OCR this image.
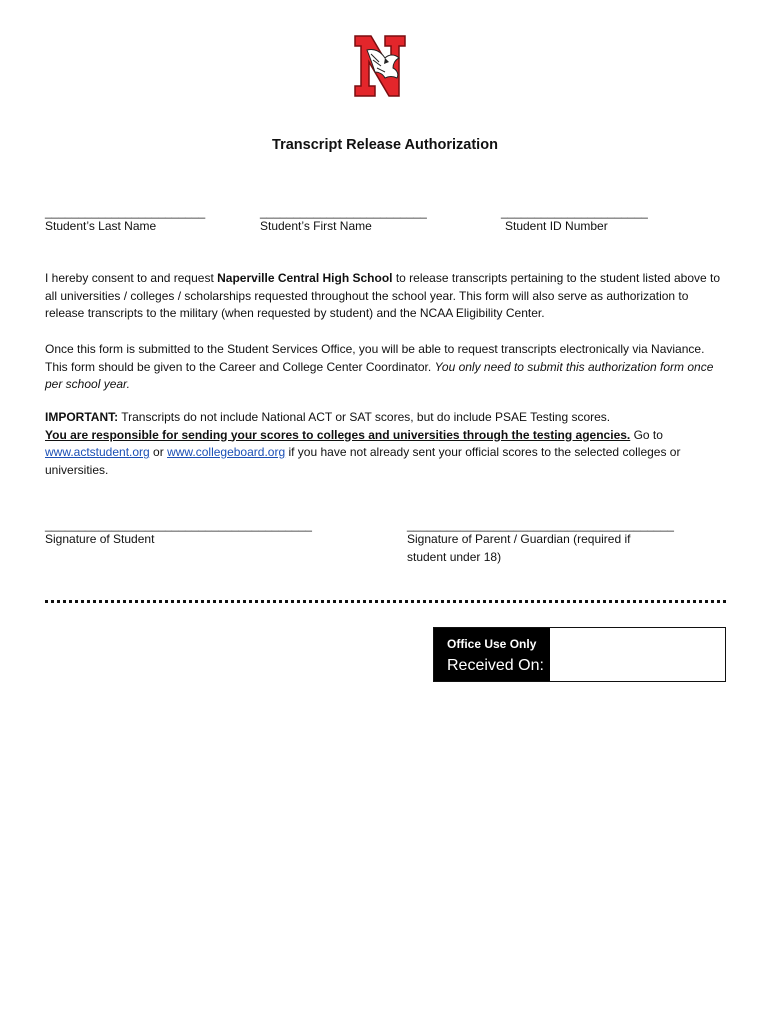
Transcript Release Authorization
________________________	_________________________	______________________
Student’s Last Name	Student’s First Name	Student ID Number

I hereby consent to and request Naperville Central High School to release transcripts pertaining to the student listed above to all universities / colleges / scholarships requested throughout the school year. This form will also serve as authorization to release transcripts to the military (when requested by student) and the NCAA Eligibility Center.

Once this form is submitted to the Student Services Office, you will be able to request transcripts electronically via Naviance. This form should be given to the Career and College Center Coordinator. You only need to submit this authorization form once per school year.

IMPORTANT: Transcripts do not include National ACT or SAT scores, but do include PSAE Testing scores.
You are responsible for sending your scores to colleges and universities through the testing agencies. Go to
www.actstudent.org or www.collegeboard.org if you have not already sent your official scores to the selected colleges or universities.

________________________________________	________________________________________
Signature of Student	Signature of Parent / Guardian (required if
student under 18)
Office Use Only
Received On:
